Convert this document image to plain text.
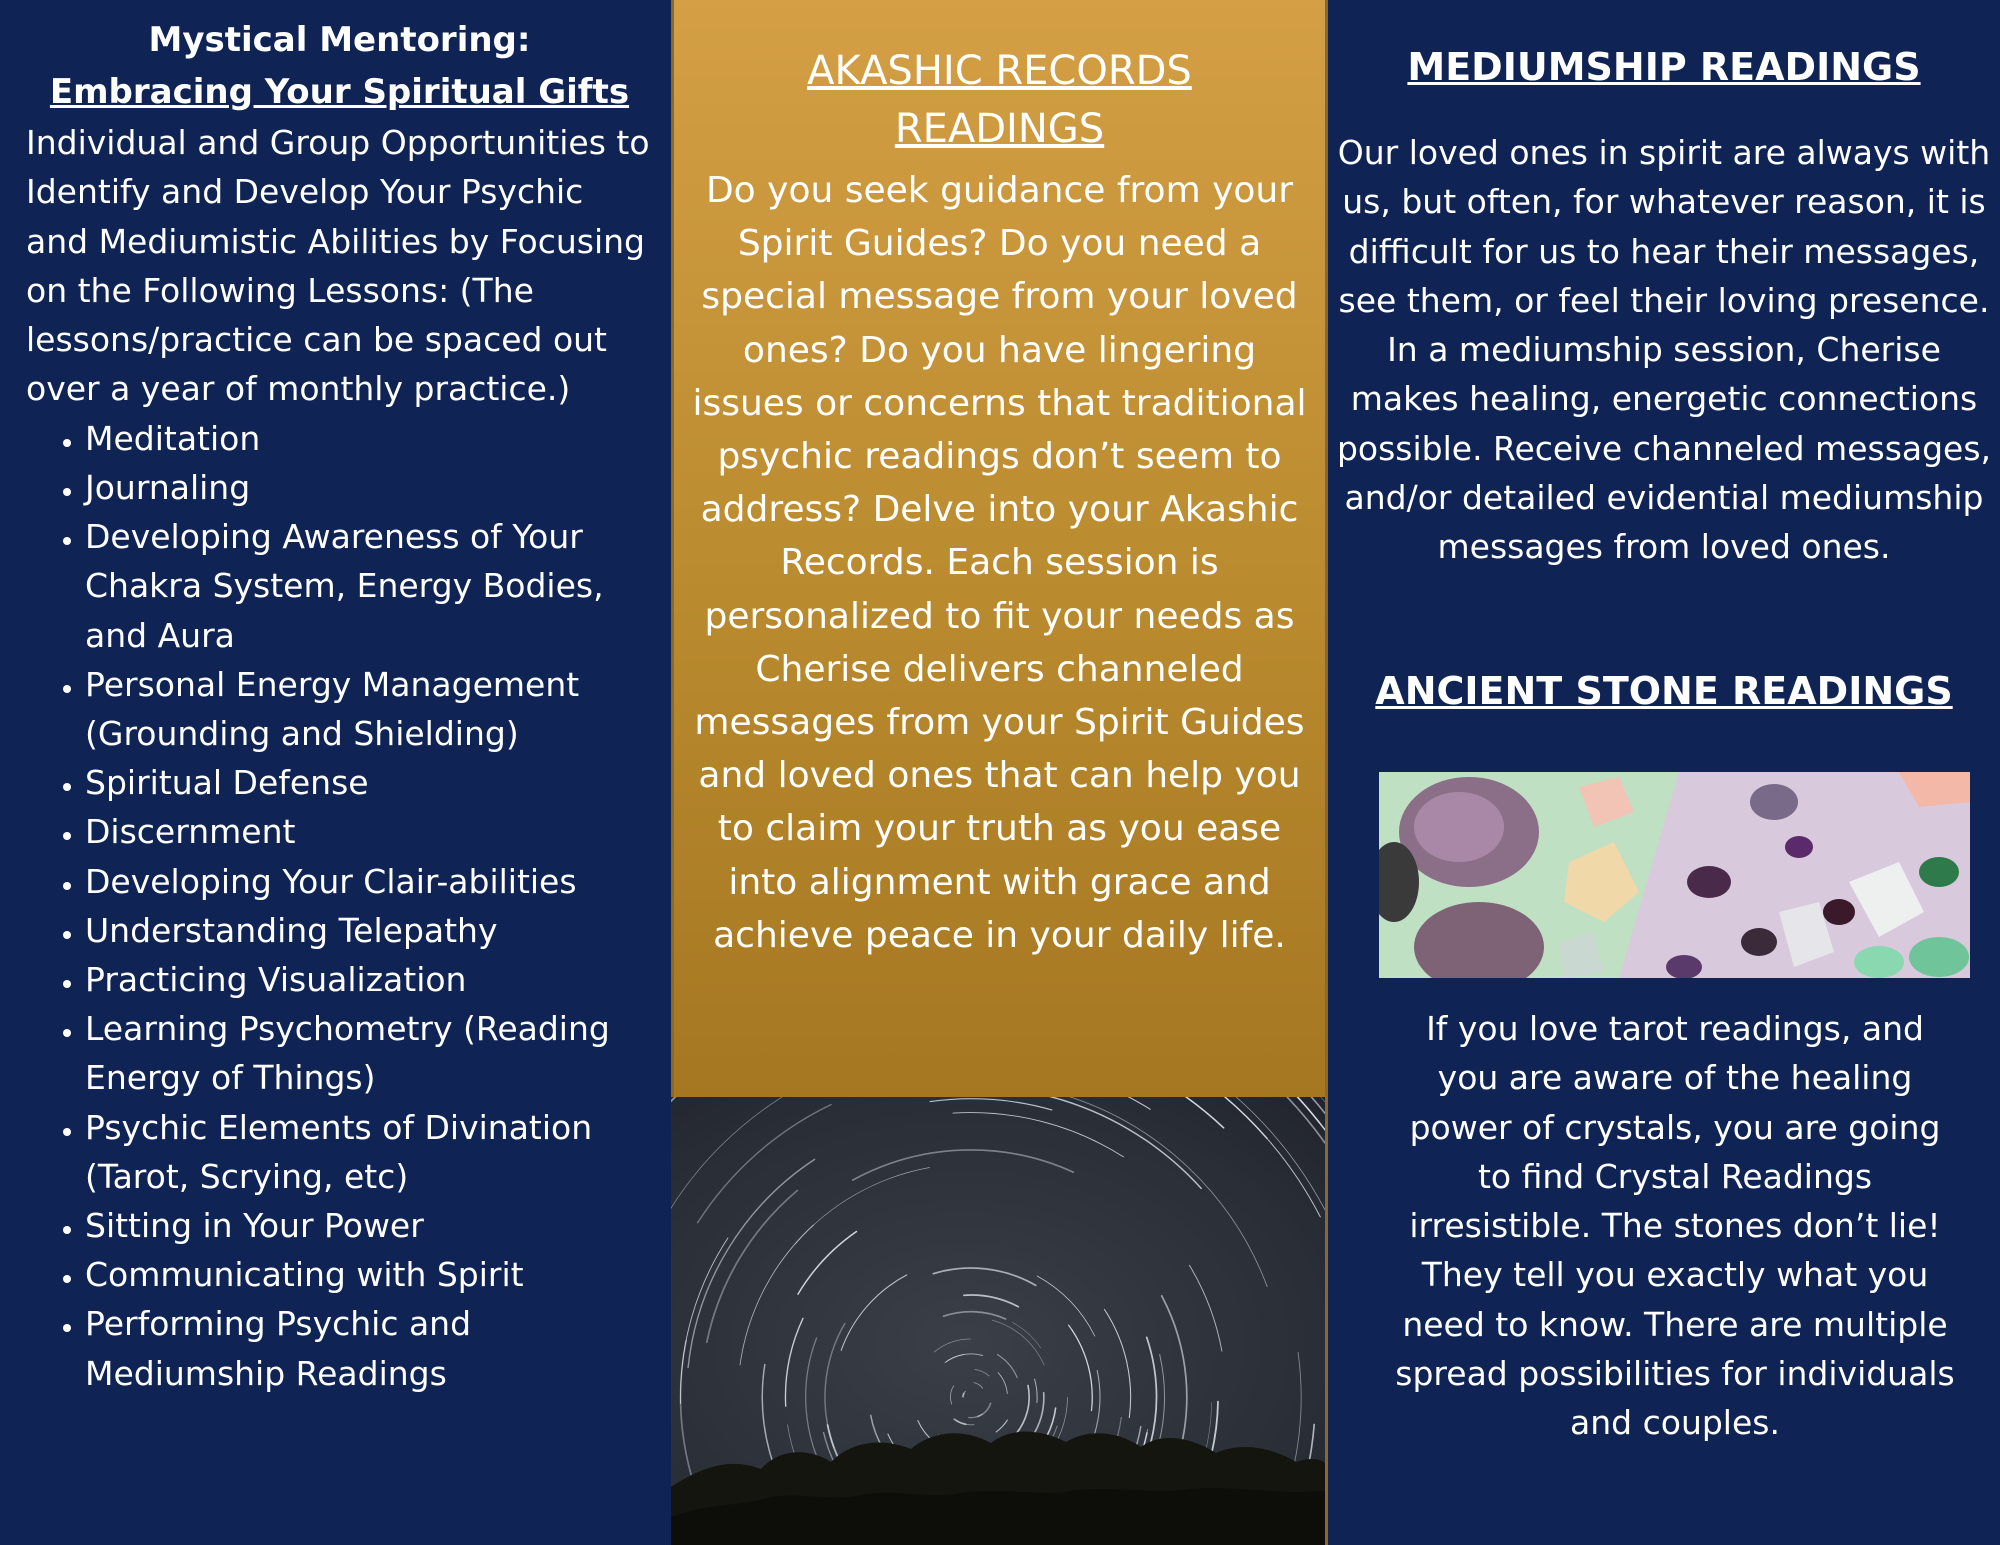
Mystical Mentoring:

Embracing Your Spiritual Gifts

Individual and Group Opportunities to Identify and Develop Your Psychic and Mediumistic Abilities by Focusing on the Following Lessons: (The lessons/practice can be spaced out over a year of monthly practice.)

• Meditation
• Journaling
• Developing Awareness of Your Chakra System, Energy Bodies, and Aura
• Personal Energy Management (Grounding and Shielding)
• Spiritual Defense
• Discernment
• Developing Your Clair-abilities
• Understanding Telepathy
• Practicing Visualization
• Learning Psychometry (Reading Energy of Things)
• Psychic Elements of Divination (Tarot, Scrying, etc)
• Sitting in Your Power
• Communicating with Spirit
• Performing Psychic and Mediumship Readings

AKASHIC RECORDS READINGS

Do you seek guidance from your Spirit Guides? Do you need a special message from your loved ones? Do you have lingering issues or concerns that traditional psychic readings don’t seem to address? Delve into your Akashic Records. Each session is personalized to fit your needs as Cherise delivers channeled messages from your Spirit Guides and loved ones that can help you to claim your truth as you ease into alignment with grace and achieve peace in your daily life.

MEDIUMSHIP READINGS

Our loved ones in spirit are always with us, but often, for whatever reason, it is difficult for us to hear their messages, see them, or feel their loving presence. In a mediumship session, Cherise makes healing, energetic connections possible. Receive channeled messages, and/or detailed evidential mediumship messages from loved ones.

ANCIENT STONE READINGS

If you love tarot readings, and you are aware of the healing power of crystals, you are going to find Crystal Readings irresistible. The stones don’t lie! They tell you exactly what you need to know. There are multiple spread possibilities for individuals and couples.
